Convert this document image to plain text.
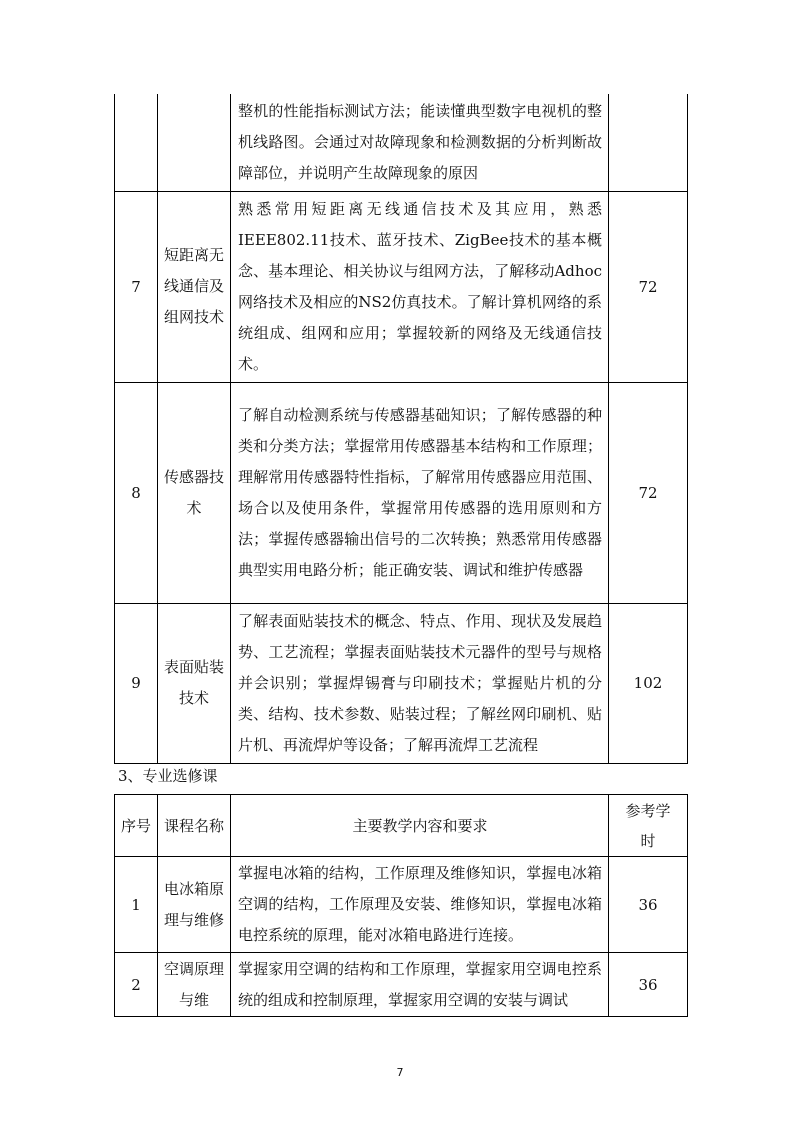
		整机的性能指标测试方法；能读懂典型数字电视机的整机线路图。会通过对故障现象和检测数据的分析判断故障部位，并说明产生故障现象的原因	
7	短距离无线通信及组网技术	熟悉常用短距离无线通信技术及其应用，熟悉IEEE802.11技术、蓝牙技术、ZigBee技术的基本概念、基本理论、相关协议与组网方法，了解移动Adhoc网络技术及相应的NS2仿真技术。了解计算机网络的系统组成、组网和应用；掌握较新的网络及无线通信技术。	72
8	传感器技术	了解自动检测系统与传感器基础知识；了解传感器的种类和分类方法；掌握常用传感器基本结构和工作原理；理解常用传感器特性指标，了解常用传感器应用范围、场合以及使用条件，掌握常用传感器的选用原则和方法；掌握传感器输出信号的二次转换；熟悉常用传感器典型实用电路分析；能正确安装、调试和维护传感器	72
9	表面贴装技术	了解表面贴装技术的概念、特点、作用、现状及发展趋势、工艺流程；掌握表面贴装技术元器件的型号与规格并会识别；掌握焊锡膏与印刷技术；掌握贴片机的分类、结构、技术参数、贴装过程；了解丝网印刷机、贴片机、再流焊炉等设备；了解再流焊工艺流程	102
3、专业选修课
序号	课程名称	主要教学内容和要求	参考学时
1	电冰箱原理与维修	掌握电冰箱的结构，工作原理及维修知识，掌握电冰箱空调的结构，工作原理及安装、维修知识，掌握电冰箱电控系统的原理，能对冰箱电路进行连接。	36
2	空调原理与维	掌握家用空调的结构和工作原理，掌握家用空调电控系统的组成和控制原理，掌握家用空调的安装与调试	36
7
